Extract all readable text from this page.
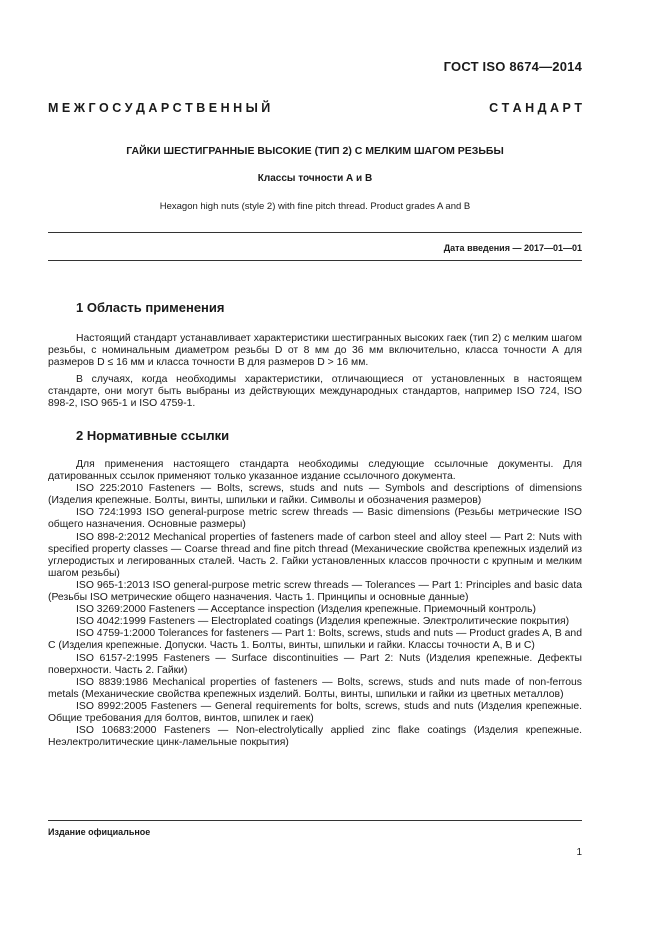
ГОСТ ISO 8674—2014
М Е Ж Г О С У Д А Р С Т В Е Н Н Ы Й	С Т А Н Д А Р Т
ГАЙКИ ШЕСТИГРАННЫЕ ВЫСОКИЕ (ТИП 2) С МЕЛКИМ ШАГОМ РЕЗЬБЫ
Классы точности А и В
Hexagon high nuts (style 2) with fine pitch thread. Product grades A and B
Дата введения — 2017—01—01
1 Область применения

Настоящий стандарт устанавливает характеристики шестигранных высоких гаек (тип 2) с мелким шагом резьбы, с номинальным диаметром резьбы D от 8 мм до 36 мм включительно, класса точности А для размеров D ≤ 16 мм и класса точности В для размеров D > 16 мм.

В случаях, когда необходимы характеристики, отличающиеся от установленных в настоящем стандарте, они могут быть выбраны из действующих международных стандартов, например ISO 724, ISO 898-2, ISO 965-1 и ISO 4759-1.

2 Нормативные ссылки

Для применения настоящего стандарта необходимы следующие ссылочные документы. Для датированных ссылок применяют только указанное издание ссылочного документа.

ISO 225:2010 Fasteners — Bolts, screws, studs and nuts — Symbols and descriptions of dimensions (Изделия крепежные. Болты, винты, шпильки и гайки. Символы и обозначения размеров)

ISO 724:1993 ISO general-purpose metric screw threads — Basic dimensions (Резьбы метрические ISO общего назначения. Основные размеры)

ISO 898-2:2012 Mechanical properties of fasteners made of carbon steel and alloy steel — Part 2: Nuts with specified property classes — Coarse thread and fine pitch thread (Механические свойства крепежных изделий из углеродистых и легированных сталей. Часть 2. Гайки установленных классов прочности с крупным и мелким шагом резьбы)

ISO 965-1:2013 ISO general-purpose metric screw threads — Tolerances — Part 1: Principles and basic data (Резьбы ISO метрические общего назначения. Часть 1. Принципы и основные данные)

ISO 3269:2000 Fasteners — Acceptance inspection (Изделия крепежные. Приемочный контроль)

ISO 4042:1999 Fasteners — Electroplated coatings (Изделия крепежные. Электролитические покрытия)

ISO 4759-1:2000 Tolerances for fasteners — Part 1: Bolts, screws, studs and nuts — Product grades A, B and C (Изделия крепежные. Допуски. Часть 1. Болты, винты, шпильки и гайки. Классы точности А, В и С)

ISO 6157-2:1995 Fasteners — Surface discontinuities — Part 2: Nuts (Изделия крепежные. Дефекты поверхности. Часть 2. Гайки)

ISO 8839:1986 Mechanical properties of fasteners — Bolts, screws, studs and nuts made of non-ferrous metals (Механические свойства крепежных изделий. Болты, винты, шпильки и гайки из цветных металлов)

ISO 8992:2005 Fasteners — General requirements for bolts, screws, studs and nuts (Изделия крепежные. Общие требования для болтов, винтов, шпилек и гаек)

ISO 10683:2000 Fasteners — Non-electrolytically applied zinc flake coatings (Изделия крепежные. Неэлектролитические цинк-ламельные покрытия)

Издание официальное
1
